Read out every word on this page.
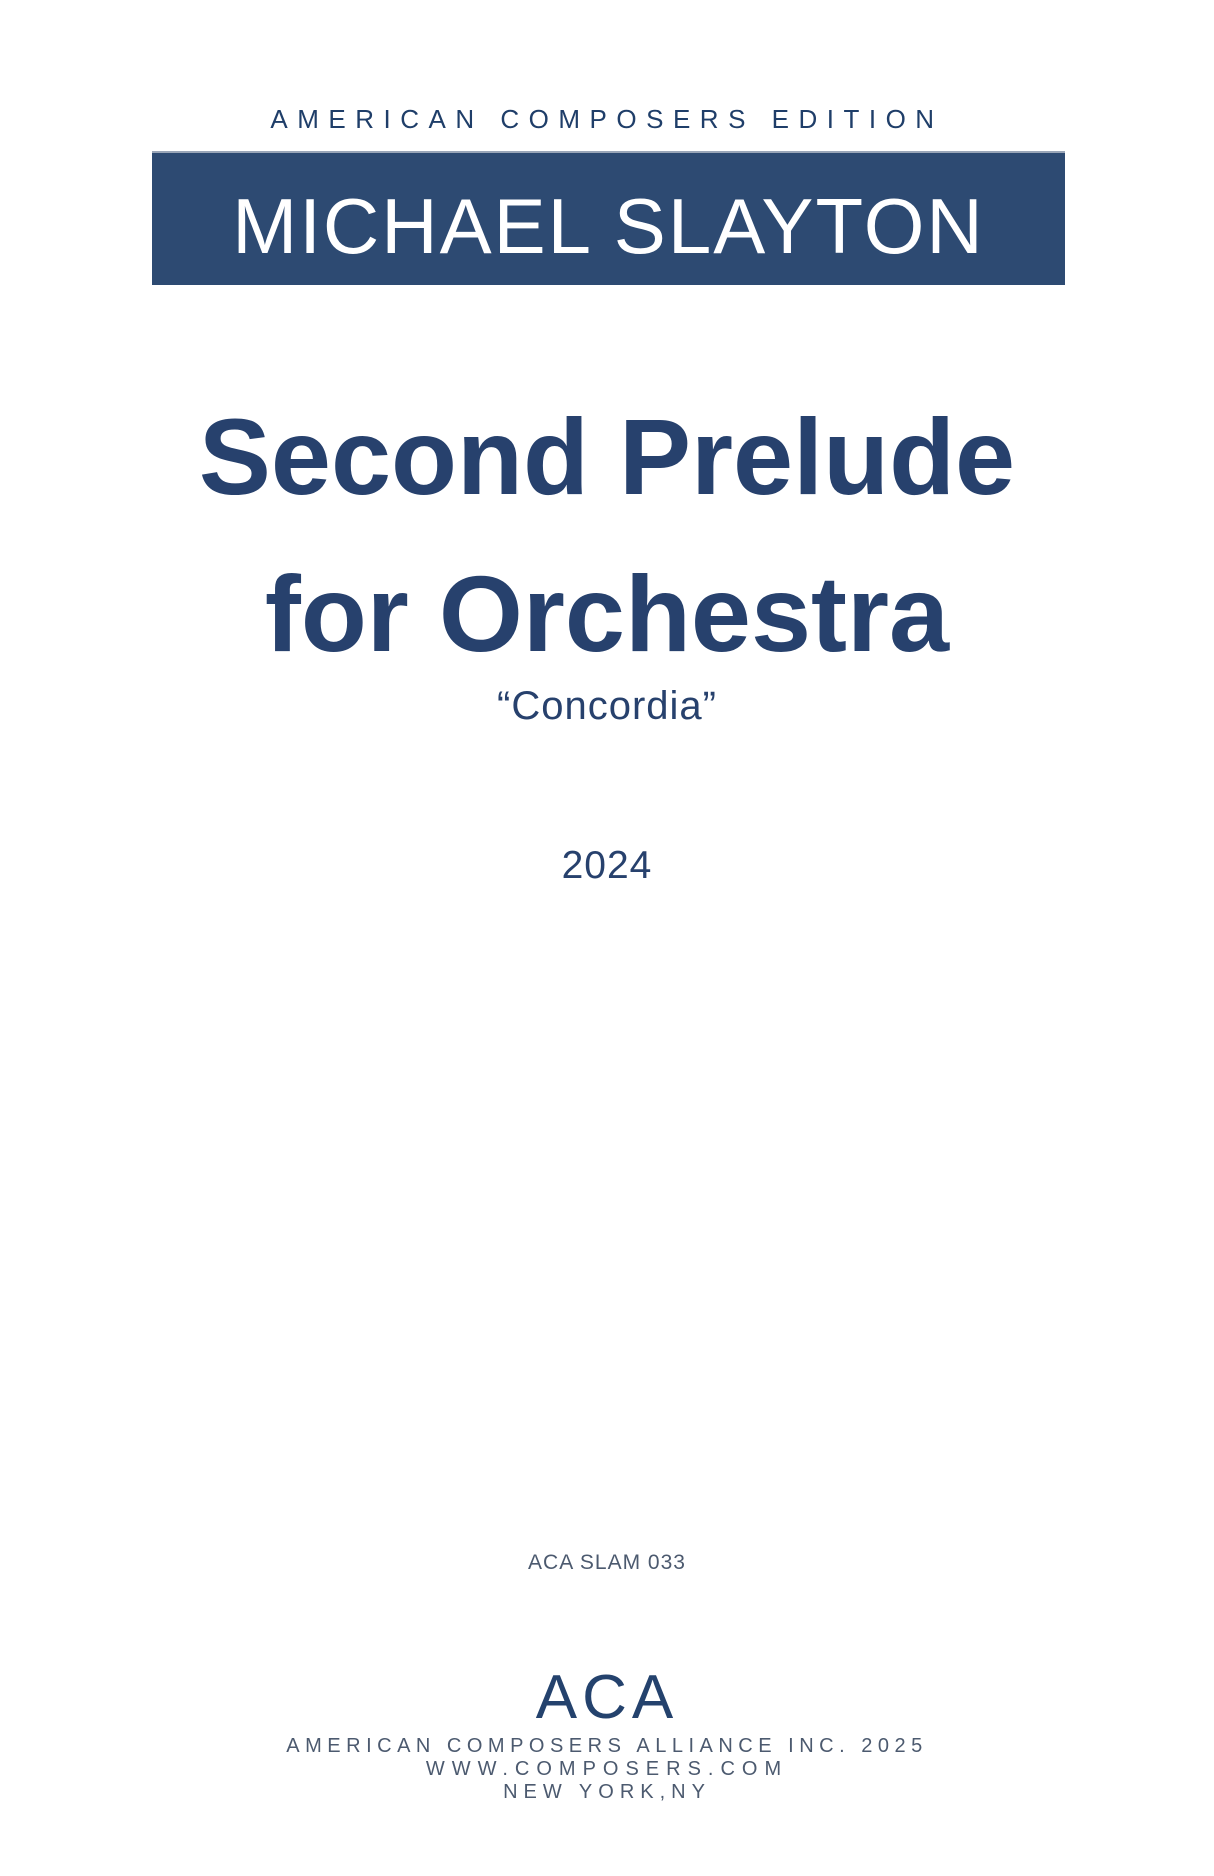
AMERICAN COMPOSERS EDITION
MICHAEL SLAYTON
Second Prelude
for Orchestra
“Concordia”
2024
ACA SLAM 033
ACA
AMERICAN COMPOSERS ALLIANCE INC. 2025
WWW.COMPOSERS.COM
NEW YORK,NY
